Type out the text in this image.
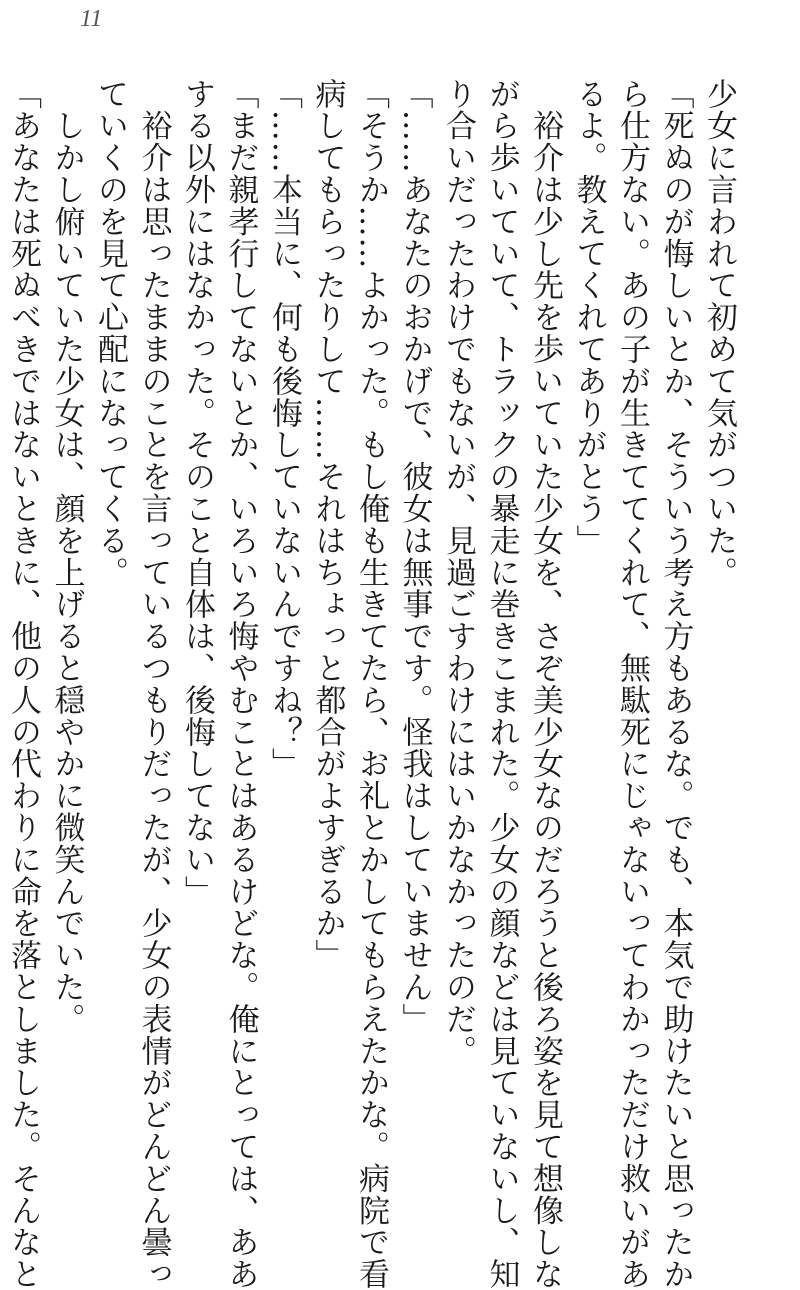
11
少女に言われて初めて気がついた。
「死ぬのが悔しいとか、そういう考え方もあるな。でも、本気で助けたいと思ったか
ら仕方ない。あの子が生きててくれて、無駄死にじゃないってわかっただけ救いがあ
るよ。教えてくれてありがとう」
　裕介は少し先を歩いていた少女を、さぞ美少女なのだろうと後ろ姿を見て想像しな
がら歩いていて、トラックの暴走に巻きこまれた。少女の顔などは見ていないし、知
り合いだったわけでもないが、見過ごすわけにはいかなかったのだ。
「……あなたのおかげで、彼女は無事です。怪我はしていません」
「そうか……よかった。もし俺も生きてたら、お礼とかしてもらえたかな。病院で看
病してもらったりして……それはちょっと都合がよすぎるか」
「……本当に、何も後悔していないんですね？」
「まだ親孝行してないとか、いろいろ悔やむことはあるけどな。俺にとっては、ああ
する以外にはなかった。そのこと自体は、後悔してない」
　裕介は思ったままのことを言っているつもりだったが、少女の表情がどんどん曇っ
ていくのを見て心配になってくる。
　しかし俯いていた少女は、顔を上げると穏やかに微笑んでいた。
「あなたは死ぬべきではないときに、他の人の代わりに命を落としました。そんなと
